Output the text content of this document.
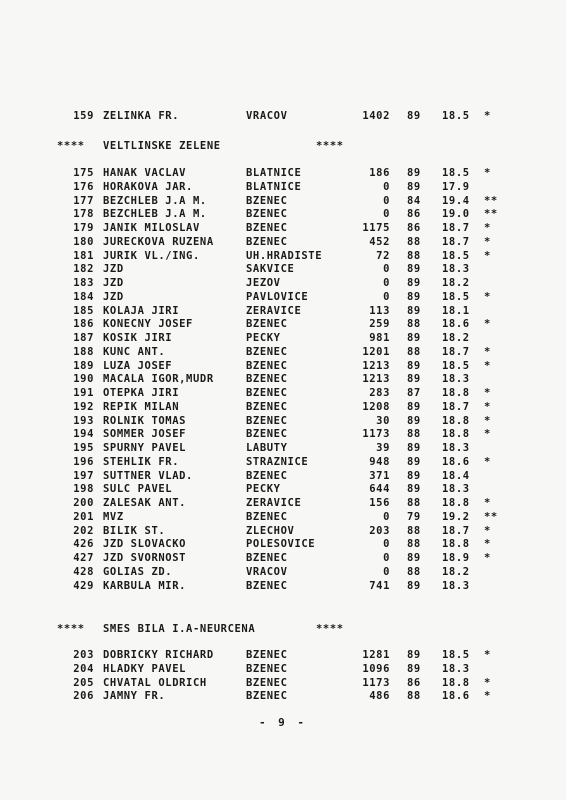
159 ZELINKA FR.	VRACOV	1402 89 18.5 *
**** VELTLINSKE ZELENE	****
175 HANAK VACLAV	BLATNICE	186 89 18.5 *
176 HORAKOVA JAR.	BLATNICE	0 89 17.9
177 BEZCHLEB J.A M.	BZENEC	0 84 19.4 **
178 BEZCHLEB J.A M.	BZENEC	0 86 19.0 **
179 JANIK MILOSLAV	BZENEC	1175 86 18.7 *
180 JURECKOVA RUZENA	BZENEC	452 88 18.7 *
181 JURIK VL./ING.	UH.HRADISTE	72 88 18.5 *
182 JZD	SAKVICE	0 89 18.3
183 JZD	JEZOV	0 89 18.2
184 JZD	PAVLOVICE	0 89 18.5 *
185 KOLAJA JIRI	ZERAVICE	113 89 18.1
186 KONECNY JOSEF	BZENEC	259 88 18.6 *
187 KOSIK JIRI	PECKY	981 89 18.2
188 KUNC ANT.	BZENEC	1201 88 18.7 *
189 LUZA JOSEF	BZENEC	1213 89 18.5 *
190 MACALA IGOR,MUDR	BZENEC	1213 89 18.3
191 OTEPKA JIRI	BZENEC	283 87 18.8 *
192 REPIK MILAN	BZENEC	1208 89 18.7 *
193 ROLNIK TOMAS	BZENEC	30 89 18.8 *
194 SOMMER JOSEF	BZENEC	1173 88 18.8 *
195 SPURNY PAVEL	LABUTY	39 89 18.3
196 STEHLIK FR.	STRAZNICE	948 89 18.6 *
197 SUTTNER VLAD.	BZENEC	371 89 18.4
198 SULC PAVEL	PECKY	644 89 18.3
200 ZALESAK ANT.	ZERAVICE	156 88 18.8 *
201 MVZ	BZENEC	0 79 19.2 **
202 BILIK ST.	ZLECHOV	203 88 18.7 *
426 JZD SLOVACKO	POLESOVICE	0 88 18.8 *
427 JZD SVORNOST	BZENEC	0 89 18.9 *
428 GOLIAS ZD.	VRACOV	0 88 18.2
429 KARBULA MIR.	BZENEC	741 89 18.3
**** SMES BILA I.A-NEURCENA	****
203 DOBRICKY RICHARD	BZENEC	1281 89 18.5 *
204 HLADKY PAVEL	BZENEC	1096 89 18.3
205 CHVATAL OLDRICH	BZENEC	1173 86 18.8 *
206 JAMNY FR.	BZENEC	486 88 18.6 *
- 9 -
